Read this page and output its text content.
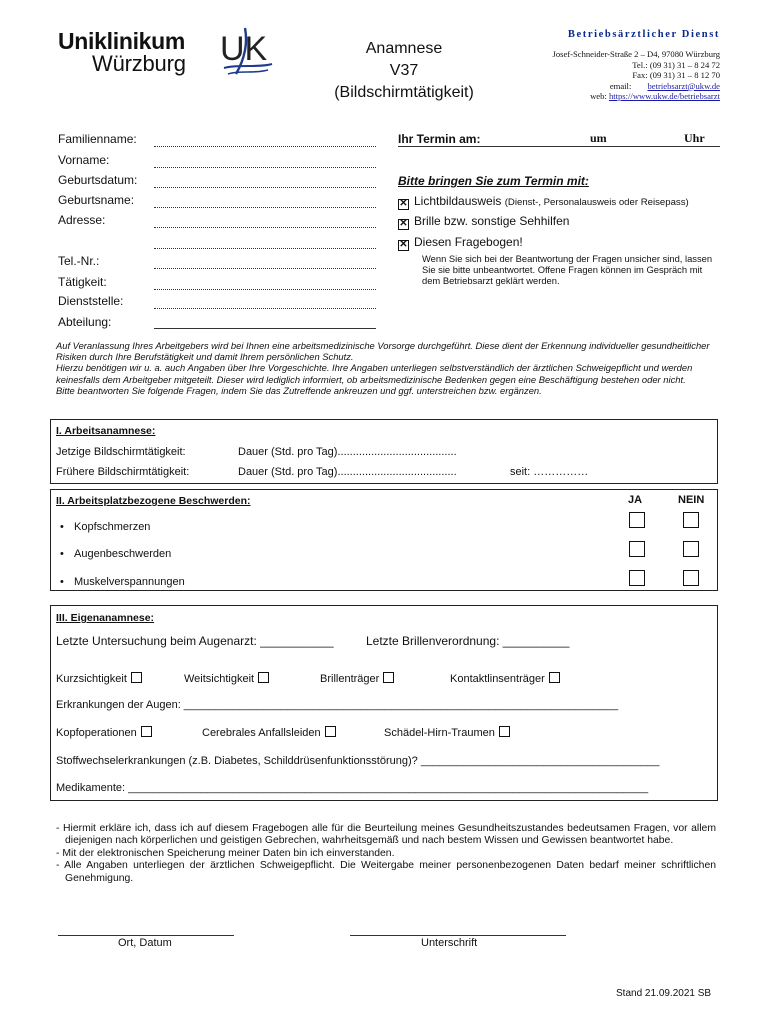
Uniklinikum
Würzburg UK	Anamnese
V37
(Bildschirmtätigkeit)
Betriebsärztlicher Dienst
Josef-Schneider-Straße 2 – D4, 97080 Würzburg
Tel.: (09 31) 31 – 8 24 72
Fax: (09 31) 31 – 8 12 70
email: betriebsarzt@ukw.de
web: https://www.ukw.de/betriebsarzt
Familienname:
Vorname:
Geburtsdatum:
Geburtsname:
Adresse:
Tel.-Nr.:
Tätigkeit:
Dienststelle:
Abteilung:
Ihr Termin am:	um	Uhr
Bitte bringen Sie zum Termin mit:
✕ Lichtbildausweis (Dienst-, Personalausweis oder Reisepass)
✕ Brille bzw. sonstige Sehhilfen
✕ Diesen Fragebogen!
Wenn Sie sich bei der Beantwortung der Fragen unsicher sind, lassen Sie sie bitte unbeantwortet. Offene Fragen können im Gespräch mit dem Betriebsarzt geklärt werden.
Auf Veranlassung Ihres Arbeitgebers wird bei Ihnen eine arbeitsmedizinische Vorsorge durchgeführt. Diese dient der Erkennung individueller gesundheitlicher Risiken durch Ihre Berufstätigkeit und damit Ihrem persönlichen Schutz.
Hierzu benötigen wir u. a. auch Angaben über Ihre Vorgeschichte. Ihre Angaben unterliegen selbstverständlich der ärztlichen Schweigepflicht und werden keinesfalls dem Arbeitgeber mitgeteilt. Dieser wird lediglich informiert, ob arbeitsmedizinische Bedenken gegen eine Beschäftigung bestehen oder nicht.
Bitte beantworten Sie folgende Fragen, indem Sie das Zutreffende ankreuzen und ggf. unterstreichen bzw. ergänzen.
I. Arbeitsanamnese:
Jetzige Bildschirmtätigkeit:	Dauer (Std. pro Tag).......................................
Frühere Bildschirmtätigkeit:	Dauer (Std. pro Tag).......................................	seit: ……………
II. Arbeitsplatzbezogene Beschwerden:	JA	NEIN
• Kopfschmerzen
• Augenbeschwerden
• Muskelverspannungen
III. Eigenanamnese:
Letzte Untersuchung beim Augenarzt: ___________	Letzte Brillenverordnung: __________
Kurzsichtigkeit	Weitsichtigkeit	Brillenträger	Kontaktlinsenträger
Erkrankungen der Augen: _______________________________________________________________________
Kopfoperationen	Cerebrales Anfallsleiden	Schädel-Hirn-Traumen
Stoffwechselerkrankungen (z.B. Diabetes, Schilddrüsenfunktionsstörung)? _______________________________________
Medikamente: _____________________________________________________________________________________
- Hiermit erkläre ich, dass ich auf diesem Fragebogen alle für die Beurteilung meines Gesundheitszustandes bedeutsamen Fragen, vor allem diejenigen nach körperlichen und geistigen Gebrechen, wahrheitsgemäß und nach bestem Wissen und Gewissen beantwortet habe.
- Mit der elektronischen Speicherung meiner Daten bin ich einverstanden.
- Alle Angaben unterliegen der ärztlichen Schweigepflicht. Die Weitergabe meiner personenbezogenen Daten bedarf meiner schriftlichen Genehmigung.
Ort, Datum	Unterschrift
Stand 21.09.2021 SB
